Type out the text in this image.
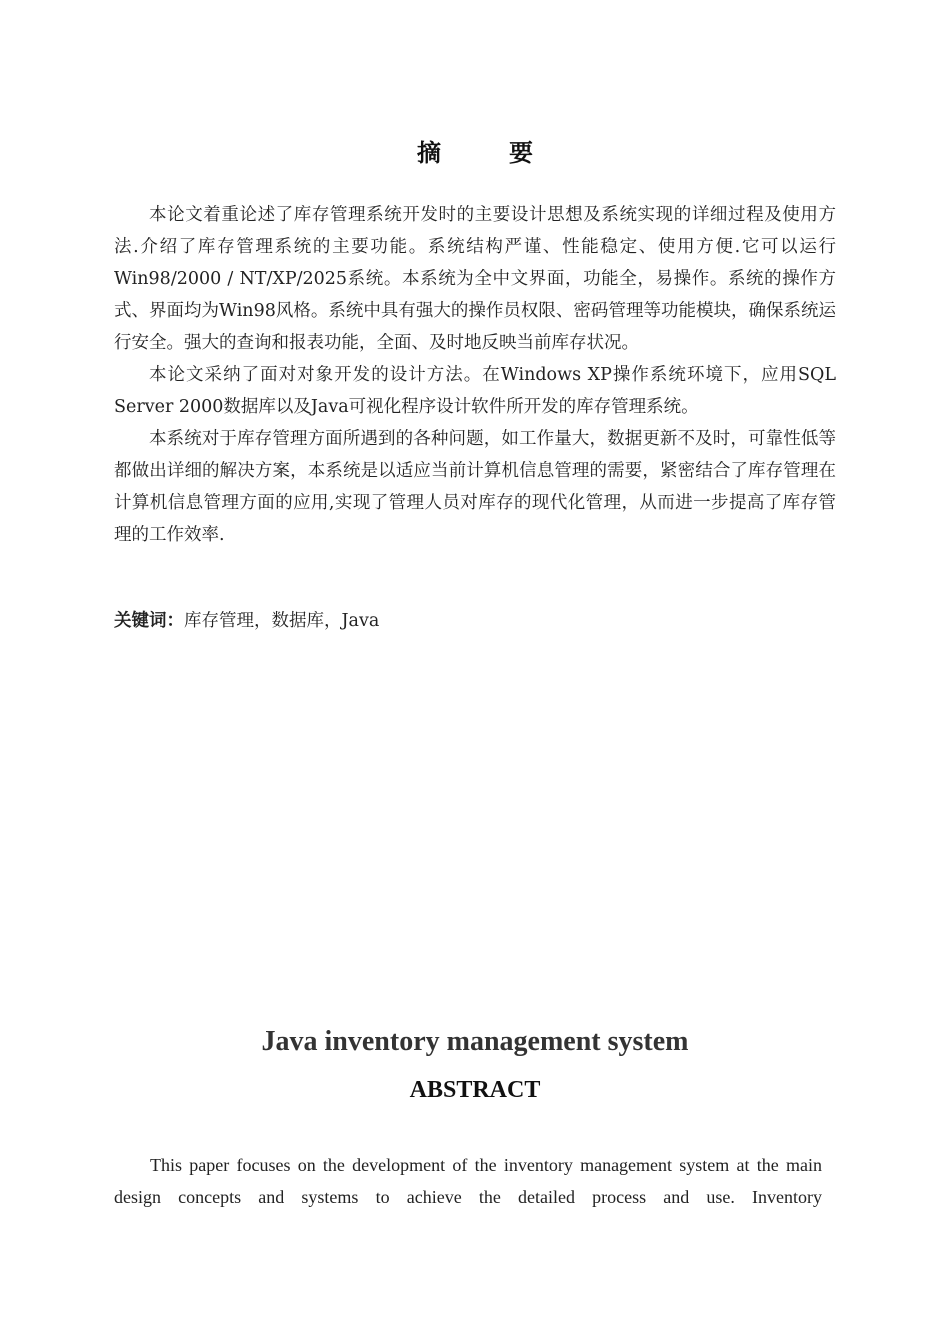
摘　要

本论文着重论述了库存管理系统开发时的主要设计思想及系统实现的详细过程及使用方法.介绍了库存管理系统的主要功能。系统结构严谨、性能稳定、使用方便.它可以运行Win98/2000 / NT/XP/2025系统。本系统为全中文界面，功能全，易操作。系统的操作方式、界面均为Win98风格。系统中具有强大的操作员权限、密码管理等功能模块，确保系统运行安全。强大的查询和报表功能，全面、及时地反映当前库存状况。

本论文采纳了面对对象开发的设计方法。在Windows XP操作系统环境下，应用SQL Server 2000数据库以及Java可视化程序设计软件所开发的库存管理系统。

本系统对于库存管理方面所遇到的各种问题，如工作量大，数据更新不及时，可靠性低等都做出详细的解决方案，本系统是以适应当前计算机信息管理的需要，紧密结合了库存管理在计算机信息管理方面的应用,实现了管理人员对库存的现代化管理，从而进一步提高了库存管理的工作效率.

关键词：库存管理，数据库，Java
Java inventory management system
ABSTRACT

This paper focuses on the development of the inventory management system at the main design concepts and systems to achieve the detailed process and use. Inventory
